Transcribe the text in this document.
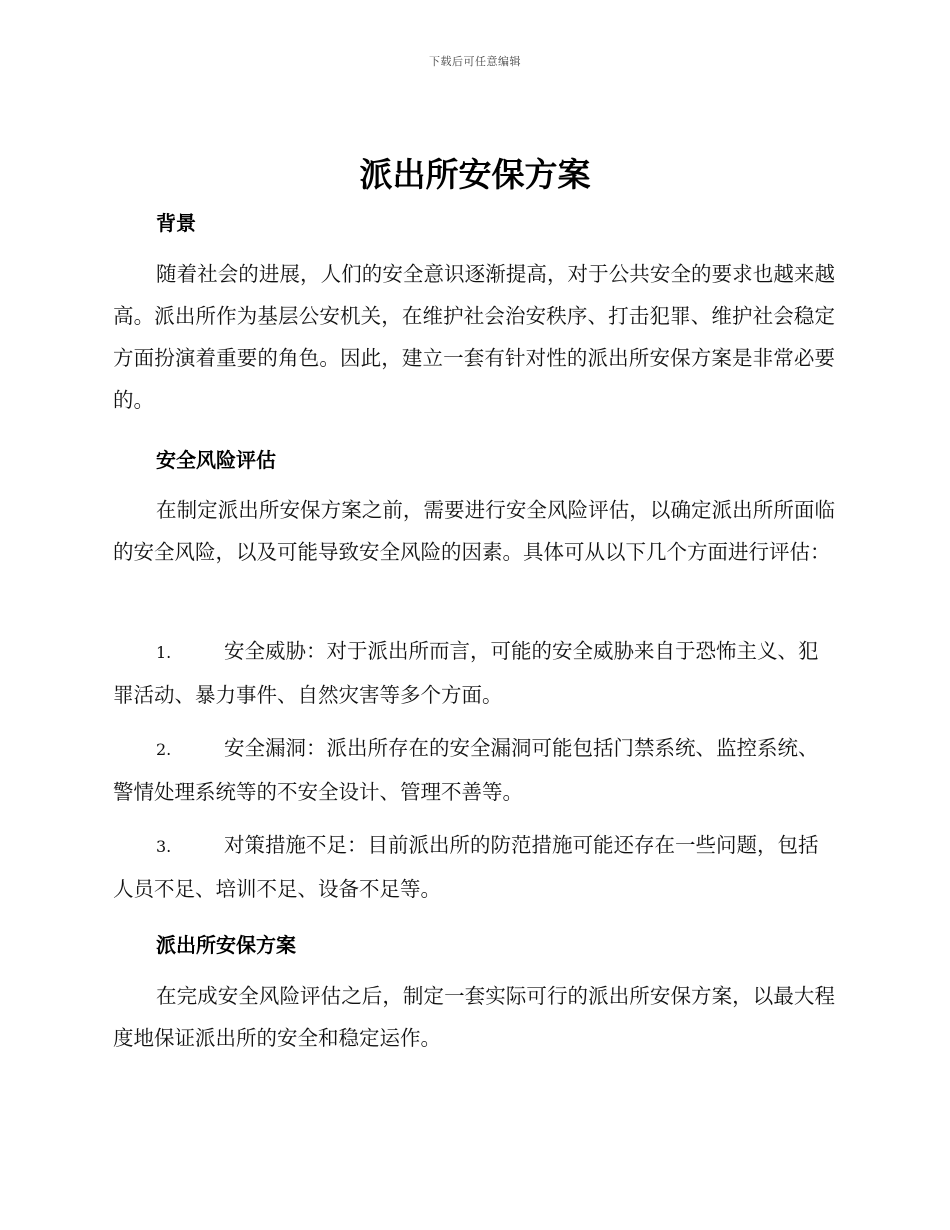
下载后可任意编辑
派出所安保方案
背景

随着社会的进展，人们的安全意识逐渐提高，对于公共安全的要求也越来越高。派出所作为基层公安机关，在维护社会治安秩序、打击犯罪、维护社会稳定方面扮演着重要的角色。因此，建立一套有针对性的派出所安保方案是非常必要的。

安全风险评估

在制定派出所安保方案之前，需要进行安全风险评估，以确定派出所所面临的安全风险，以及可能导致安全风险的因素。具体可从以下几个方面进行评估：

1.	安全威胁：对于派出所而言，可能的安全威胁来自于恐怖主义、犯罪活动、暴力事件、自然灾害等多个方面。

2.	安全漏洞：派出所存在的安全漏洞可能包括门禁系统、监控系统、警情处理系统等的不安全设计、管理不善等。

3.	对策措施不足：目前派出所的防范措施可能还存在一些问题，包括人员不足、培训不足、设备不足等。

派出所安保方案

在完成安全风险评估之后，制定一套实际可行的派出所安保方案，以最大程度地保证派出所的安全和稳定运作。
